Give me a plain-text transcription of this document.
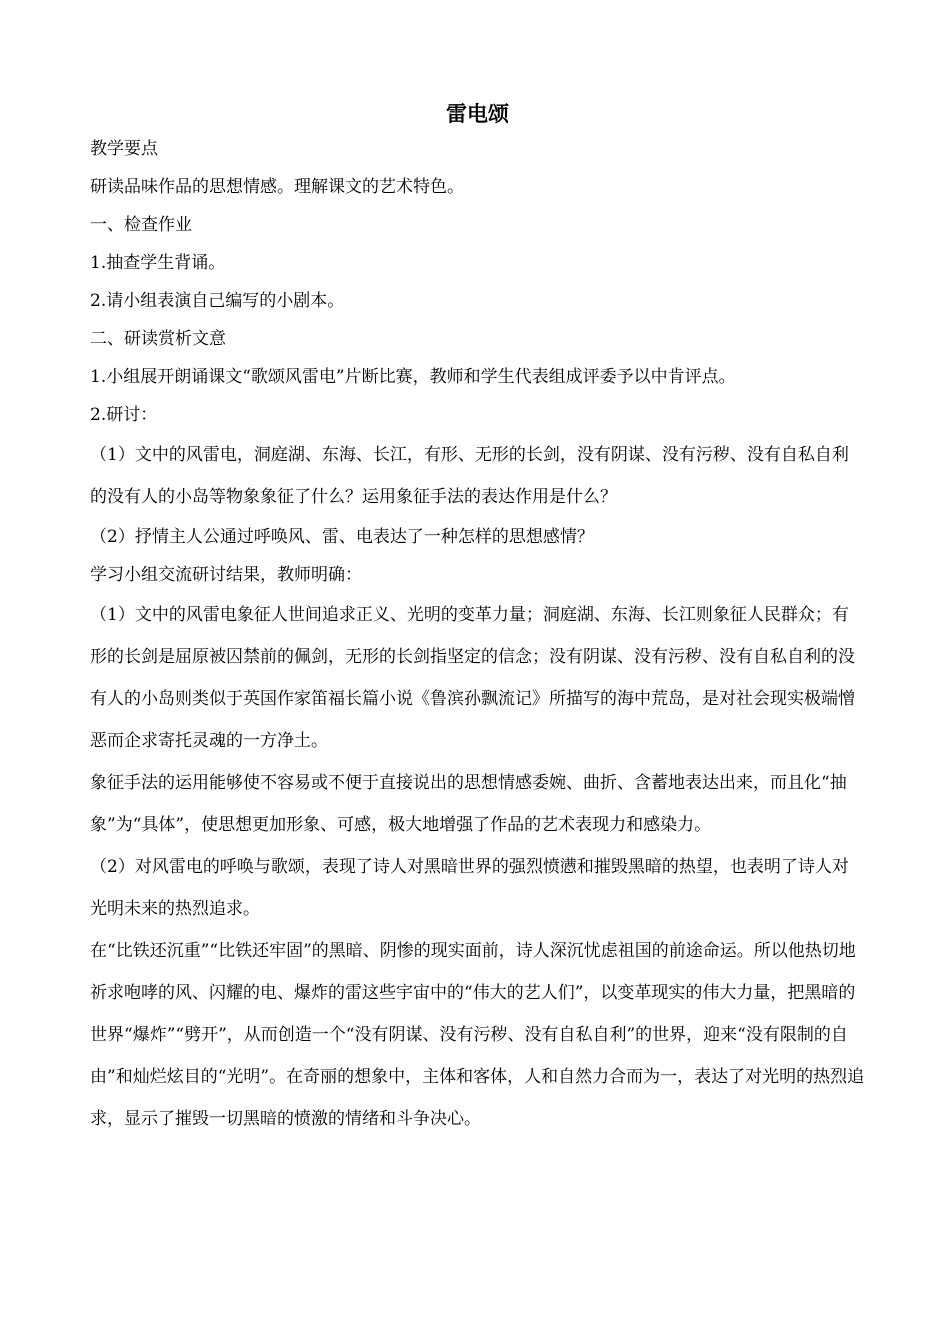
雷电颂

教学要点

研读品味作品的思想情感。理解课文的艺术特色。

一、检查作业

1.抽查学生背诵。

2.请小组表演自己编写的小剧本。

二、研读赏析文意

1.小组展开朗诵课文“歌颂风雷电”片断比赛，教师和学生代表组成评委予以中肯评点。

2.研讨：

（1）文中的风雷电，洞庭湖、东海、长江，有形、无形的长剑，没有阴谋、没有污秽、没有自私自利的没有人的小岛等物象象征了什么？运用象征手法的表达作用是什么？

（2）抒情主人公通过呼唤风、雷、电表达了一种怎样的思想感情？

学习小组交流研讨结果，教师明确：

（1）文中的风雷电象征人世间追求正义、光明的变革力量；洞庭湖、东海、长江则象征人民群众；有形的长剑是屈原被囚禁前的佩剑，无形的长剑指坚定的信念；没有阴谋、没有污秽、没有自私自利的没有人的小岛则类似于英国作家笛福长篇小说《鲁滨孙飘流记》所描写的海中荒岛，是对社会现实极端憎恶而企求寄托灵魂的一方净土。

象征手法的运用能够使不容易或不便于直接说出的思想情感委婉、曲折、含蓄地表达出来，而且化“抽象”为“具体”，使思想更加形象、可感，极大地增强了作品的艺术表现力和感染力。

（2）对风雷电的呼唤与歌颂，表现了诗人对黑暗世界的强烈愤懑和摧毁黑暗的热望，也表明了诗人对光明未来的热烈追求。

在“比铁还沉重”“比铁还牢固”的黑暗、阴惨的现实面前，诗人深沉忧虑祖国的前途命运。所以他热切地祈求咆哮的风、闪耀的电、爆炸的雷这些宇宙中的“伟大的艺人们”，以变革现实的伟大力量，把黑暗的世界“爆炸”“劈开”，从而创造一个“没有阴谋、没有污秽、没有自私自利”的世界，迎来“没有限制的自由”和灿烂炫目的“光明”。在奇丽的想象中，主体和客体，人和自然力合而为一，表达了对光明的热烈追求，显示了摧毁一切黑暗的愤激的情绪和斗争决心。
